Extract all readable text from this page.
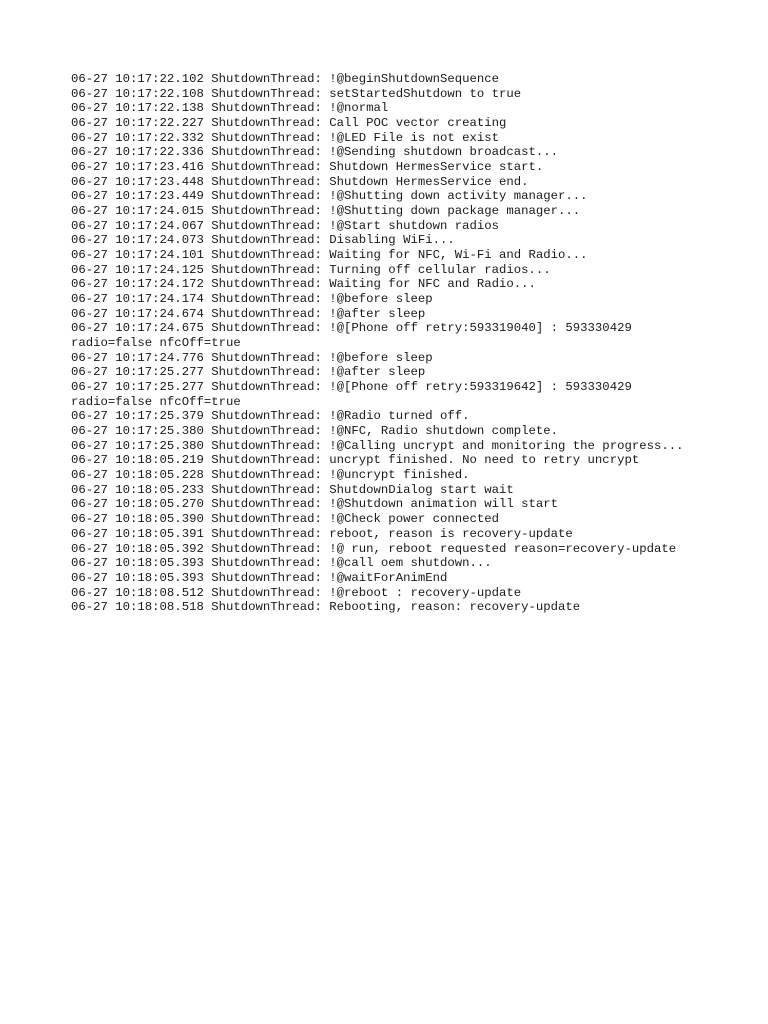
06-27 10:17:22.102 ShutdownThread: !@beginShutdownSequence
06-27 10:17:22.108 ShutdownThread: setStartedShutdown to true
06-27 10:17:22.138 ShutdownThread: !@normal
06-27 10:17:22.227 ShutdownThread: Call POC vector creating
06-27 10:17:22.332 ShutdownThread: !@LED File is not exist
06-27 10:17:22.336 ShutdownThread: !@Sending shutdown broadcast...
06-27 10:17:23.416 ShutdownThread: Shutdown HermesService start.
06-27 10:17:23.448 ShutdownThread: Shutdown HermesService end.
06-27 10:17:23.449 ShutdownThread: !@Shutting down activity manager...
06-27 10:17:24.015 ShutdownThread: !@Shutting down package manager...
06-27 10:17:24.067 ShutdownThread: !@Start shutdown radios
06-27 10:17:24.073 ShutdownThread: Disabling WiFi...
06-27 10:17:24.101 ShutdownThread: Waiting for NFC, Wi-Fi and Radio...
06-27 10:17:24.125 ShutdownThread: Turning off cellular radios...
06-27 10:17:24.172 ShutdownThread: Waiting for NFC and Radio...
06-27 10:17:24.174 ShutdownThread: !@before sleep
06-27 10:17:24.674 ShutdownThread: !@after sleep
06-27 10:17:24.675 ShutdownThread: !@[Phone off retry:593319040] : 593330429
radio=false nfcOff=true
06-27 10:17:24.776 ShutdownThread: !@before sleep
06-27 10:17:25.277 ShutdownThread: !@after sleep
06-27 10:17:25.277 ShutdownThread: !@[Phone off retry:593319642] : 593330429
radio=false nfcOff=true
06-27 10:17:25.379 ShutdownThread: !@Radio turned off.
06-27 10:17:25.380 ShutdownThread: !@NFC, Radio shutdown complete.
06-27 10:17:25.380 ShutdownThread: !@Calling uncrypt and monitoring the progress...
06-27 10:18:05.219 ShutdownThread: uncrypt finished. No need to retry uncrypt
06-27 10:18:05.228 ShutdownThread: !@uncrypt finished.
06-27 10:18:05.233 ShutdownThread: ShutdownDialog start wait
06-27 10:18:05.270 ShutdownThread: !@Shutdown animation will start
06-27 10:18:05.390 ShutdownThread: !@Check power connected
06-27 10:18:05.391 ShutdownThread: reboot, reason is recovery-update
06-27 10:18:05.392 ShutdownThread: !@ run, reboot requested reason=recovery-update
06-27 10:18:05.393 ShutdownThread: !@call oem shutdown...
06-27 10:18:05.393 ShutdownThread: !@waitForAnimEnd
06-27 10:18:08.512 ShutdownThread: !@reboot : recovery-update
06-27 10:18:08.518 ShutdownThread: Rebooting, reason: recovery-update
